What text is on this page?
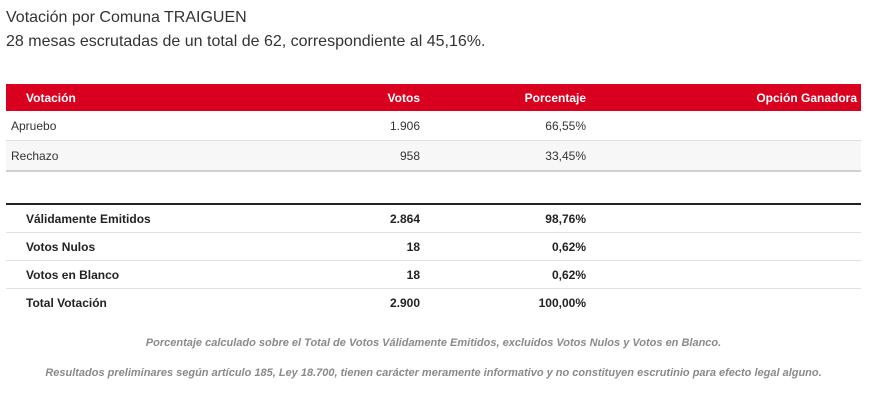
Votación por Comuna TRAIGUEN
28 mesas escrutadas de un total de 62, correspondiente al 45,16%.
Votación	Votos	Porcentaje	Opción Ganadora
Apruebo	1.906	66,55%	
Rechazo	958	33,45%	
Válidamente Emitidos	2.864	98,76%	
Votos Nulos	18	0,62%	
Votos en Blanco	18	0,62%	
Total Votación	2.900	100,00%	
Porcentaje calculado sobre el Total de Votos Válidamente Emitidos, excluidos Votos Nulos y Votos en Blanco.
Resultados preliminares según artículo 185, Ley 18.700, tienen carácter meramente informativo y no constituyen escrutinio para efecto legal alguno.
